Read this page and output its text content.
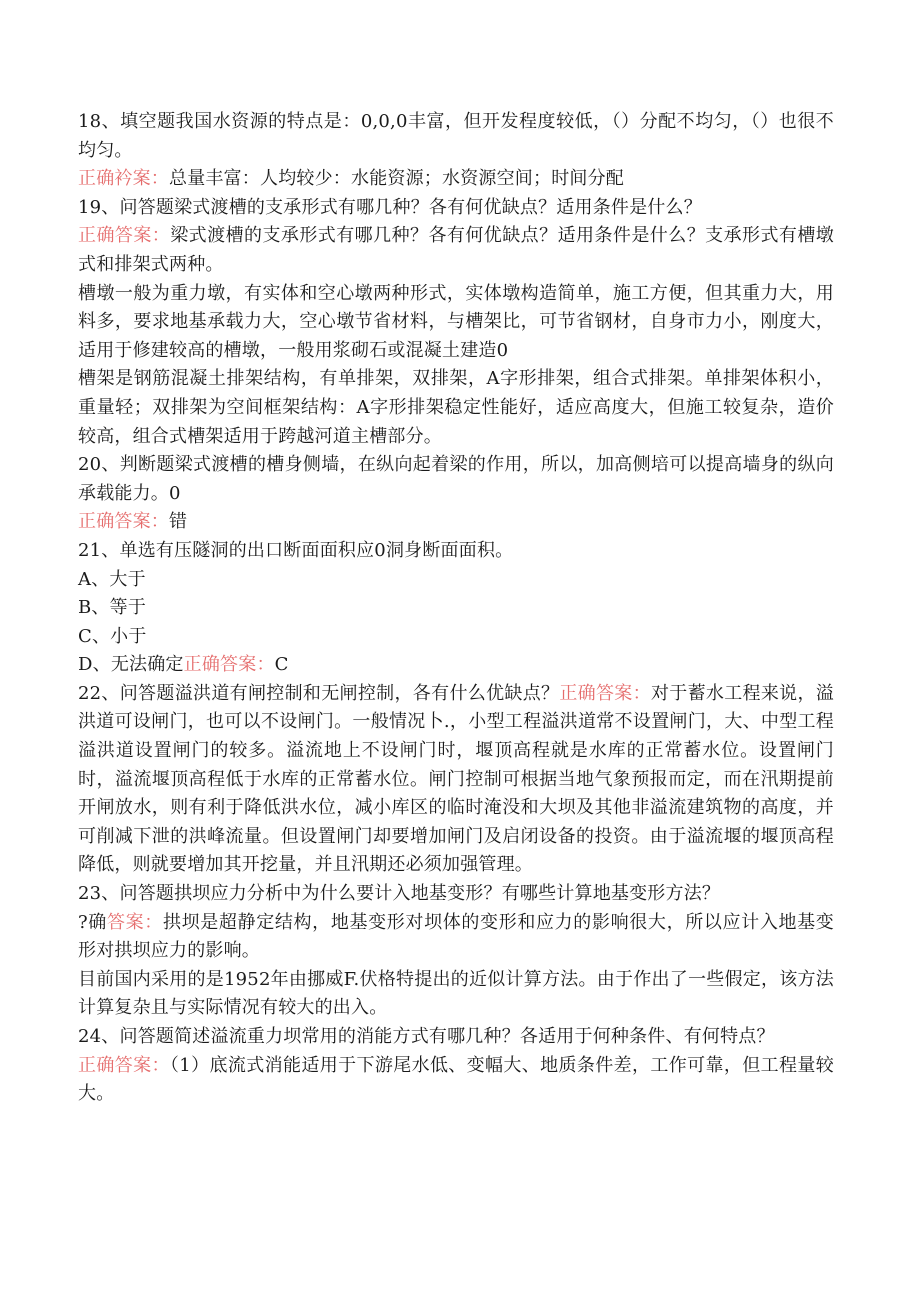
18、填空题我国水资源的特点是：0,0,0丰富，但开发程度较低，（）分配不均匀，（）也很不均匀。

正确衿案：总量丰富：人均较少：水能资源；水资源空间；时间分配

19、问答题梁式渡槽的支承形式有哪几种？各有何优缺点？适用条件是什么？

正确答案：梁式渡槽的支承形式有哪几种？各有何优缺点？适用条件是什么？支承形式有槽墩式和排架式两种。

槽墩一般为重力墩，有实体和空心墩两种形式，实体墩构造简单，施工方便，但其重力大，用料多，要求地基承载力大，空心墩节省材料，与槽架比，可节省钢材，自身市力小，刚度大，适用于修建较高的槽墩，一般用浆砌石或混凝土建造0

槽架是钢筋混凝土排架结构，有单排架，双排架，A字形排架，组合式排架。单排架体积小，重量轻；双排架为空间框架结构：A字形排架稳定性能好，适应高度大，但施工较复杂，造价较高，组合式槽架适用于跨越河道主槽部分。

20、判断题梁式渡槽的槽身侧墙，在纵向起着梁的作用，所以，加高侧培可以提高墙身的纵向承载能力。0

正确答案：错

21、单选有压隧洞的出口断面面积应0洞身断面面积。

A、大于

B、等于

C、小于

D、无法确定正确答案：C

22、问答题溢洪道有闸控制和无闸控制，各有什么优缺点？正确答案：对于蓄水工程来说，溢洪道可设闸门，也可以不设闸门。一般情况卜.，小型工程溢洪道常不设置闸门，大、中型工程溢洪道设置闸门的较多。溢流地上不设闸门时，堰顶高程就是水库的正常蓄水位。设置闸门时，溢流堰顶高程低于水库的正常蓄水位。闸门控制可根据当地气象预报而定，而在汛期提前开闸放水，则有利于降低洪水位，减小库区的临时淹没和大坝及其他非溢流建筑物的高度，并可削减下泄的洪峰流量。但设置闸门却要增加闸门及启闭设备的投资。由于溢流堰的堰顶高程降低，则就要增加其开挖量，并且汛期还必须加强管理。

23、问答题拱坝应力分析中为什么要计入地基变形？有哪些计算地基变形方法？

?确答案：拱坝是超静定结构，地基变形对坝体的变形和应力的影响很大，所以应计入地基变形对拱坝应力的影响。

目前国内采用的是1952年由挪威F.伏格特提出的近似计算方法。由于作出了一些假定，该方法计算复杂且与实际情况有较大的出入。

24、问答题简述溢流重力坝常用的消能方式有哪几种？各适用于何种条件、有何特点？

正确答案：（1）底流式消能适用于下游尾水低、变幅大、地质条件差，工作可靠，但工程量较大。
